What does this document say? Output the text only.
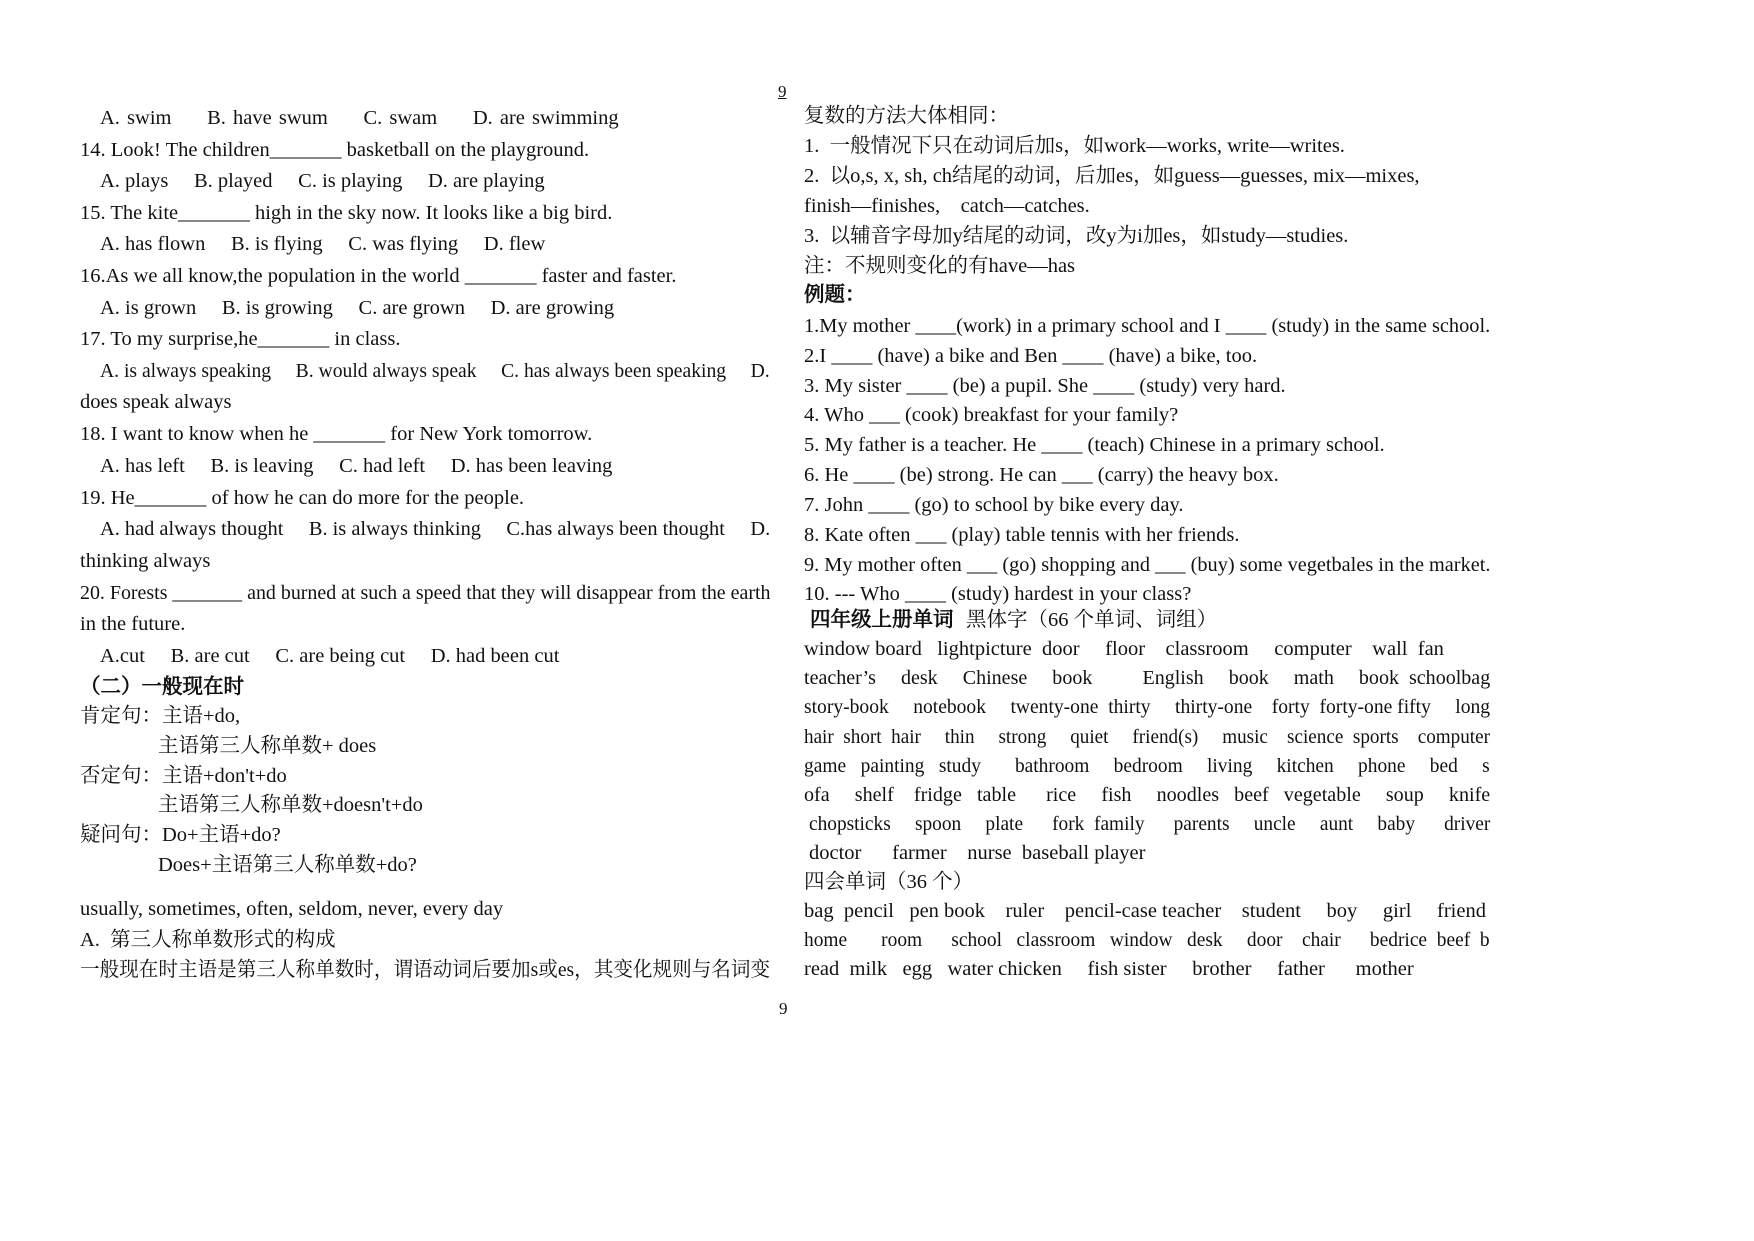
9
A. swim     B. have swum     C. swam     D. are swimming
14. Look! The children_______ basketball on the playground.
A. plays     B. played     C. is playing     D. are playing
15. The kite_______ high in the sky now. It looks like a big bird.
A. has flown     B. is flying     C. was flying     D. flew
16.As we all know,the population in the world _______ faster and faster.
A. is grown     B. is growing     C. are grown     D. are growing
17. To my surprise,he_______ in class.
A. is always speaking     B. would always speak     C. has always been speaking     D.
does speak always
18. I want to know when he _______ for New York tomorrow.
A. has left     B. is leaving     C. had left     D. has been leaving
19. He_______ of how he can do more for the people.
A. had always thought     B. is always thinking     C.has always been thought     D.
thinking always
20. Forests _______ and burned at such a speed that they will disappear from the earth
in the future.
A.cut     B. are cut     C. are being cut     D. had been cut
（二）一般现在时
肯定句：主语+do,
主语第三人称单数+ does
否定句：主语+don't+do
主语第三人称单数+doesn't+do
疑问句：Do+主语+do?
Does+主语第三人称单数+do?
usually, sometimes, often, seldom, never, every day
A.  第三人称单数形式的构成
一般现在时主语是第三人称单数时，谓语动词后要加s或es，其变化规则与名词变
复数的方法大体相同：
1.  一般情况下只在动词后加s，如work—works, write—writes.
2.  以o,s, x, sh, ch结尾的动词，后加es，如guess—guesses, mix—mixes,
finish—finishes,    catch—catches.
3.  以辅音字母加y结尾的动词，改y为i加es，如study—studies.
注：不规则变化的有have—has
例题：
1.My mother ____(work) in a primary school and I ____ (study) in the same school.
2.I ____ (have) a bike and Ben ____ (have) a bike, too.
3. My sister ____ (be) a pupil. She ____ (study) very hard.
4. Who ___ (cook) breakfast for your family?
5. My father is a teacher. He ____ (teach) Chinese in a primary school.
6. He ____ (be) strong. He can ___ (carry) the heavy box.
7. John ____ (go) to school by bike every day.
8. Kate often ___ (play) table tennis with her friends.
9. My mother often ___ (go) shopping and ___ (buy) some vegetbales in the market.
10. --- Who ____ (study) hardest in your class?
四年级上册单词 黑体字（66 个单词、词组）
window board   lightpicture  door     floor    classroom     computer    wall  fan
teacher’s     desk     Chinese     book          English     book     math     book  schoolbag
story-book     notebook     twenty-one  thirty     thirty-one    forty  forty-one fifty     long
hair  short  hair     thin     strong     quiet     friend(s)     music    science  sports    computer
game   painting   study       bathroom     bedroom     living     kitchen     phone     bed     s
ofa     shelf    fridge   table      rice     fish     noodles   beef   vegetable     soup     knife
chopsticks     spoon     plate      fork  family      parents     uncle     aunt     baby      driver
doctor      farmer    nurse  baseball player
四会单词（36 个）
bag  pencil   pen book    ruler    pencil-case teacher    student     boy     girl     friend
home       room      school   classroom   window   desk     door    chair      bedrice  beef  b
read  milk   egg   water chicken     fish sister     brother     father      mother
9
